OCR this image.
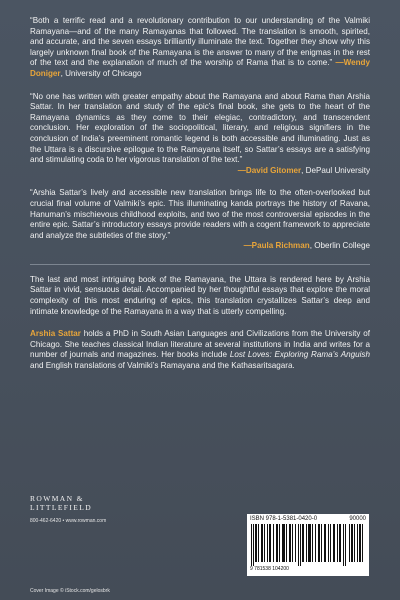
“Both a terrific read and a revolutionary contribution to our understanding of the Valmiki Ramayana—and of the many Ramayanas that followed. The translation is smooth, spirited, and accurate, and the seven essays brilliantly illuminate the text. Together they show why this largely unknown final book of the Ramayana is the answer to many of the enigmas in the rest of the text and the explanation of much of the worship of Rama that is to come.” —Wendy Doniger, University of Chicago
“No one has written with greater empathy about the Ramayana and about Rama than Arshia Sattar. In her translation and study of the epic’s final book, she gets to the heart of the Ramayana dynamics as they come to their elegiac, contradictory, and transcendent conclusion. Her exploration of the sociopolitical, literary, and religious signifiers in the conclusion of India’s preeminent romantic legend is both accessible and illuminating. Just as the Uttara is a discursive epilogue to the Ramayana itself, so Sattar’s essays are a satisfying and stimulating coda to her vigorous translation of the text.”
—David Gitomer, DePaul University
“Arshia Sattar’s lively and accessible new translation brings life to the often-overlooked but crucial final volume of Valmiki’s epic. This illuminating kanda portrays the history of Ravana, Hanuman’s mischievous childhood exploits, and two of the most controversial episodes in the entire epic. Sattar’s introductory essays provide readers with a cogent framework to appreciate and analyze the subtleties of the story.”
—Paula Richman, Oberlin College
The last and most intriguing book of the Ramayana, the Uttara is rendered here by Arshia Sattar in vivid, sensuous detail. Accompanied by her thoughtful essays that explore the moral complexity of this most enduring of epics, this translation crystallizes Sattar’s deep and intimate knowledge of the Ramayana in a way that is utterly compelling.
Arshia Sattar holds a PhD in South Asian Languages and Civilizations from the University of Chicago. She teaches classical Indian literature at several institutions in India and writes for a number of journals and magazines. Her books include Lost Loves: Exploring Rama’s Anguish and English translations of Valmiki’s Ramayana and the Kathasaritsagara.
ROWMAN &
LITTLEFIELD
800-462-6420 • www.rowman.com
Cover Image © iStock.com/gelosbrk
ISBN 978-1-5381-0420-0	90000
9 781538 104200
